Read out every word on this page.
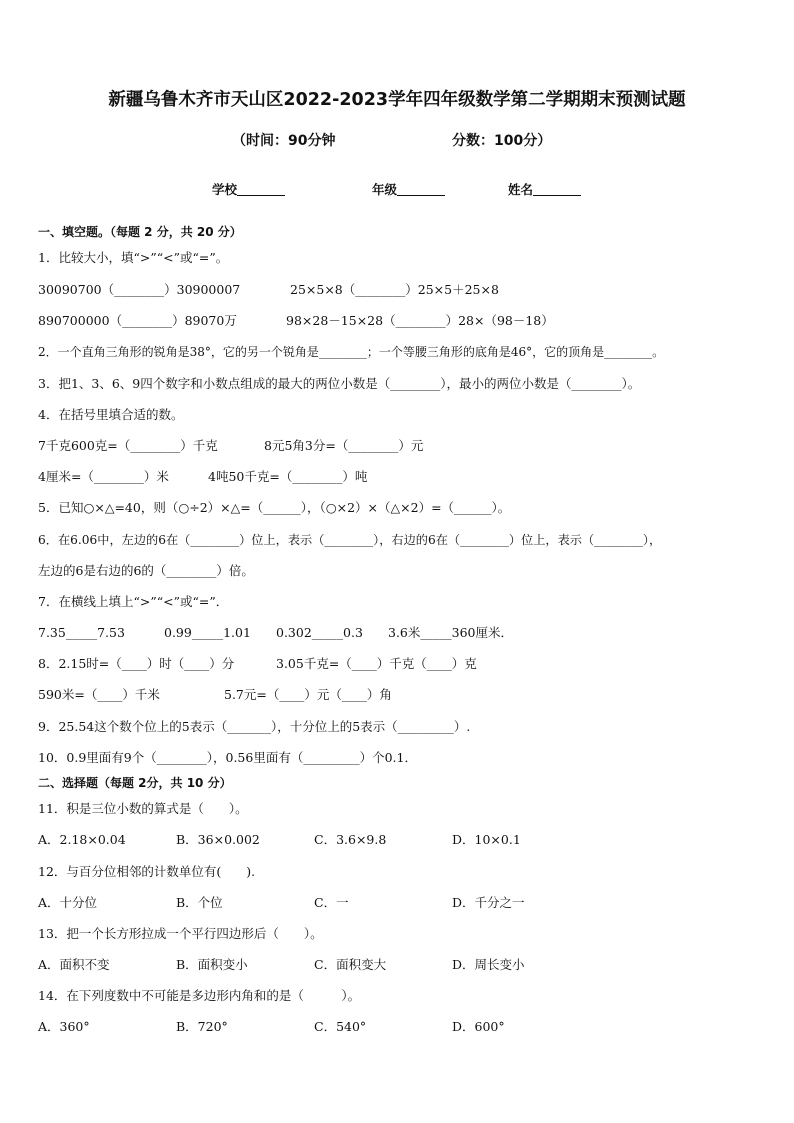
新疆乌鲁木齐市天山区2022-2023学年四年级数学第二学期期末预测试题
（时间：90分钟	分数：100分）
学校	年级	姓名
一、填空题。（每题 2 分，共 20 分）
1．比较大小，填“>”“<”或“=”。
30090700（________）30900007	25×5×8（________）25×5＋25×8
890700000（________）89070万	98×28－15×28（________）28×（98－18）
2．一个直角三角形的锐角是38°，它的另一个锐角是________；一个等腰三角形的底角是46°，它的顶角是________。
3．把1、3、6、9四个数字和小数点组成的最大的两位小数是（________），最小的两位小数是（________）。
4．在括号里填合适的数。
7千克600克=（________）千克	8元5角3分=（________）元
4厘米=（________）米	4吨50千克=（________）吨
5．已知○×△=40，则（○÷2）×△=（______），（○×2）×（△×2）=（______）。
6．在6.06中，左边的6在（________）位上，表示（________），右边的6在（________）位上，表示（________），
左边的6是右边的6的（________）倍。
7．在横线上填上“>”“<”或“=”．
7.35_____7.53	0.99_____1.01 0.302_____0.3 3.6米_____360厘米．
8．2.15时=（____）时（____）分	3.05千克=（____）千克（____）克
590米=（____）千米	5.7元=（____）元（____）角
9．25.54这个数个位上的5表示（_______），十分位上的5表示（_________）.
10．0.9里面有9个（________），0.56里面有（_________）个0.1．
二、选择题（每题 2分，共 10 分）
11．积是三位小数的算式是（　　）。
A．2.18×0.04	B．36×0.002	C．3.6×9.8	D．10×0.1
12．与百分位相邻的计数单位有(　　).
A．十分位	B．个位	C．一	D．千分之一
13．把一个长方形拉成一个平行四边形后（　　）。
A．面积不变	B．面积变小	C．面积变大	D．周长变小
14．在下列度数中不可能是多边形内角和的是（　　　）。
A．360°	B．720°	C．540°	D．600°
